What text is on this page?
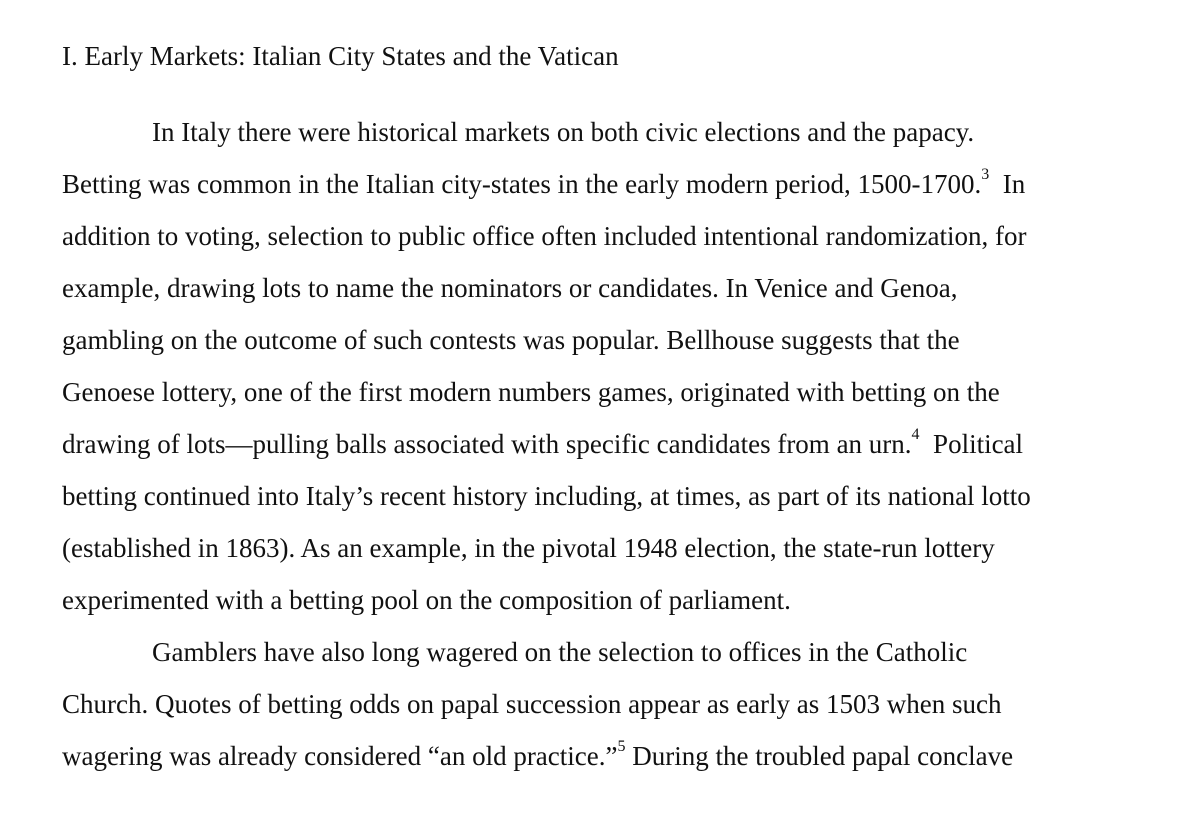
I. Early Markets: Italian City States and the Vatican
In Italy there were historical markets on both civic elections and the papacy.
Betting was common in the Italian city-states in the early modern period, 1500-1700.$^3$ In
addition to voting, selection to public office often included intentional randomization, for
example, drawing lots to name the nominators or candidates. In Venice and Genoa,
gambling on the outcome of such contests was popular. Bellhouse suggests that the
Genoese lottery, one of the first modern numbers games, originated with betting on the
drawing of lots—pulling balls associated with specific candidates from an urn.$^4$ Political
betting continued into Italy’s recent history including, at times, as part of its national lotto
(established in 1863). As an example, in the pivotal 1948 election, the state-run lottery
experimented with a betting pool on the composition of parliament.
Gamblers have also long wagered on the selection to offices in the Catholic
Church. Quotes of betting odds on papal succession appear as early as 1503 when such
wagering was already considered “an old practice.”$^5$ During the troubled papal conclave
